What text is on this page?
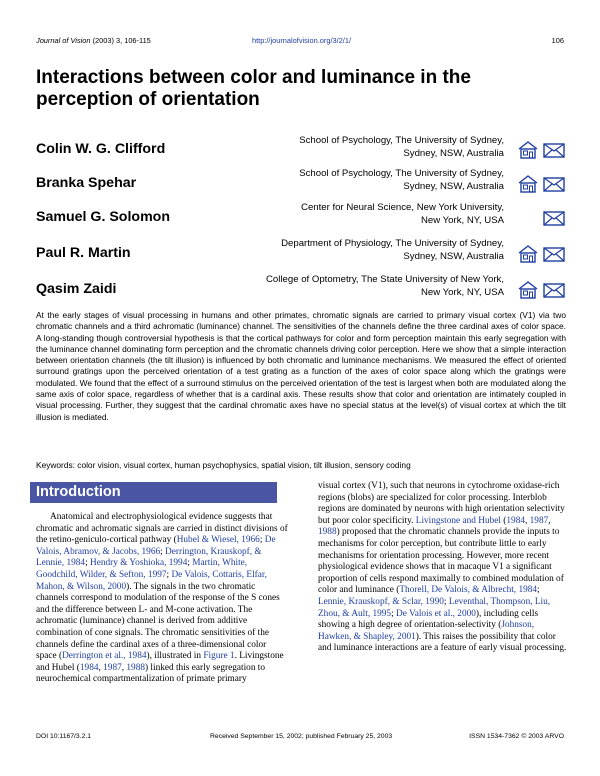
Journal of Vision (2003) 3, 106-115	http://journalofvision.org/3/2/1/	106
Interactions between color and luminance in the perception of orientation
Colin W. G. Clifford
School of Psychology, The University of Sydney,
Sydney, NSW, Australia
Branka Spehar
School of Psychology, The University of Sydney,
Sydney, NSW, Australia
Samuel G. Solomon
Center for Neural Science, New York University,
New York, NY, USA
Paul R. Martin
Department of Physiology, The University of Sydney,
Sydney, NSW, Australia
Qasim Zaidi
College of Optometry, The State University of New York,
New York, NY, USA
At the early stages of visual processing in humans and other primates, chromatic signals are carried to primary visual cortex (V1) via two chromatic channels and a third achromatic (luminance) channel. The sensitivities of the channels define the three cardinal axes of color space. A long-standing though controversial hypothesis is that the cortical pathways for color and form perception maintain this early segregation with the luminance channel dominating form perception and the chromatic channels driving color perception. Here we show that a simple interaction between orientation channels (the tilt illusion) is influenced by both chromatic and luminance mechanisms. We measured the effect of oriented surround gratings upon the perceived orientation of a test grating as a function of the axes of color space along which the gratings were modulated. We found that the effect of a surround stimulus on the perceived orientation of the test is largest when both are modulated along the same axis of color space, regardless of whether that is a cardinal axis. These results show that color and orientation are intimately coupled in visual processing. Further, they suggest that the cardinal chromatic axes have no special status at the level(s) of visual cortex at which the tilt illusion is mediated.
Keywords: color vision, visual cortex, human psychophysics, spatial vision, tilt illusion, sensory coding
Introduction

Anatomical and electrophysiological evidence suggests that chromatic and achromatic signals are carried in distinct divisions of the retino-geniculo-cortical pathway (Hubel & Wiesel, 1966; De Valois, Abramov, & Jacobs, 1966; Derrington, Krauskopf, & Lennie, 1984; Hendry & Yoshioka, 1994; Martin, White, Goodchild, Wilder, & Sefton, 1997; De Valois, Cottaris, Elfar, Mahon, & Wilson, 2000). The signals in the two chromatic channels correspond to modulation of the response of the S cones and the difference between L- and M-cone activation. The achromatic (luminance) channel is derived from additive combination of cone signals. The chromatic sensitivities of the channels define the cardinal axes of a three-dimensional color space (Derrington et al., 1984), illustrated in Figure 1. Livingstone and Hubel (1984, 1987, 1988) linked this early segregation to neurochemical compartmentalization of primate primary

visual cortex (V1), such that neurons in cytochrome oxidase-rich regions (blobs) are specialized for color processing. Interblob regions are dominated by neurons with high orientation selectivity but poor color specificity. Livingstone and Hubel (1984, 1987, 1988) proposed that the chromatic channels provide the inputs to mechanisms for color perception, but contribute little to early mechanisms for orientation processing. However, more recent physiological evidence shows that in macaque V1 a significant proportion of cells respond maximally to combined modulation of color and luminance (Thorell, De Valois, & Albrecht, 1984; Lennie, Krauskopf, & Sclar, 1990; Leventhal, Thompson, Liu, Zhou, & Ault, 1995; De Valois et al., 2000), including cells showing a high degree of orientation-selectivity (Johnson, Hawken, & Shapley, 2001). This raises the possibility that color and luminance interactions are a feature of early visual processing.

DOI 10:1167/3.2.1	Received September 15, 2002; published February 25, 2003	ISSN 1534-7362 © 2003 ARVO
